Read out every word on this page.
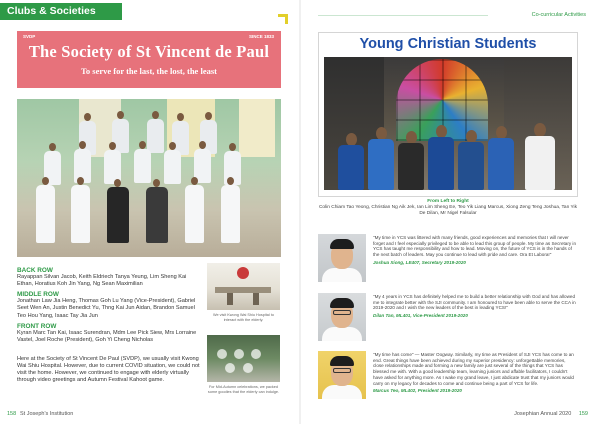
Clubs & Societies
SVDP	SINCE 1833
The Society of St Vincent de Paul
To serve for the last, the lost, the least
BACK ROW
Rayappan Silvan Jacob, Keith Eldriech Tanya Yeung, Lim Sheng Kai Ethan, Horatius Koh Jin Yang, Ng Sean Maximilian
MIDDLE ROW
Jonathan Law Jia Heng, Thomas Goh Lu Yang (Vice-President), Gabriel Seet Wen An, Justin Benedict Yu, Thng Kai Jun Aidan, Brandon Samuel Teo Hou Yang, Isaac Tay Jia Jun
FRONT ROW
Kyran Marc Tan Kai, Isaac Surendran, Mdm Lee Pick Siew, Mrs Lorraine Vastel, Joel Roche (President), Goh Yi Cheng Nicholas
Here at the Society of St Vincent De Paul (SVDP), we usually visit Kwong Wai Shiu Hospital. However, due to current COVID situation, we could not visit the home. However, we continued to engage with elderly virtually through video greetings and Autumn Festival Kahoot game.
We visit Kwong Wai Shiu Hospital to interact with the elderly.
For Mid-Autumn celebrations, we packed some goodies that the elderly can indulge.
158 St Joseph's Institution
Co-curricular Activities
Young Christian Students
From Left to Right
Colin Chiam Tao Yeong, Christian Ng Aik Jek, Ian Lim Sheng Ee, Teo Yik Liang Marcus, Xiong Zeng Teng Joshua, Tan Yik De Dilan, Mr Nigel Falsular
"My time in YCS was littered with many friends, good experiences and memories that I will never forget and I feel especially privileged to be able to lead this group of people. My time as Secretary in YCS has taught me responsibility and how to lead. Moving on, the future of YCS is in the hands of the next batch of leaders. May you continue to lead with pride and care. Ora Et Labora!"
Joshua Xiong, LE407, Secretary 2019-2020
"My 4 years in YCS has definitely helped me to build a better relationship with God and has allowed me to integrate better with the SJI community. I am honoured to have been able to serve the CCA in 2019-2020 and I wish the new leaders of the best in leading YCS!"
Dilan Tan, ML401, Vice-President 2019-2020
"My time has come" — Master Oogway. Similarly, my time as President of SJI YCS has come to an end. Great things have been achieved during my superior presidency: unforgettable memories, close relationships made and forming a new family are just several of the things that YCS has blessed me with. With a good leadership team, learning juniors and affable facilitators, I couldn't have asked for anything more. As I wake my grand leave, I just abdicate trust that my juniors would carry on my legacy for decades to come and continue being a part of YCS for life.
Marcus Teo, ML402, President 2019-2020
Josephian Annual 2020 159
